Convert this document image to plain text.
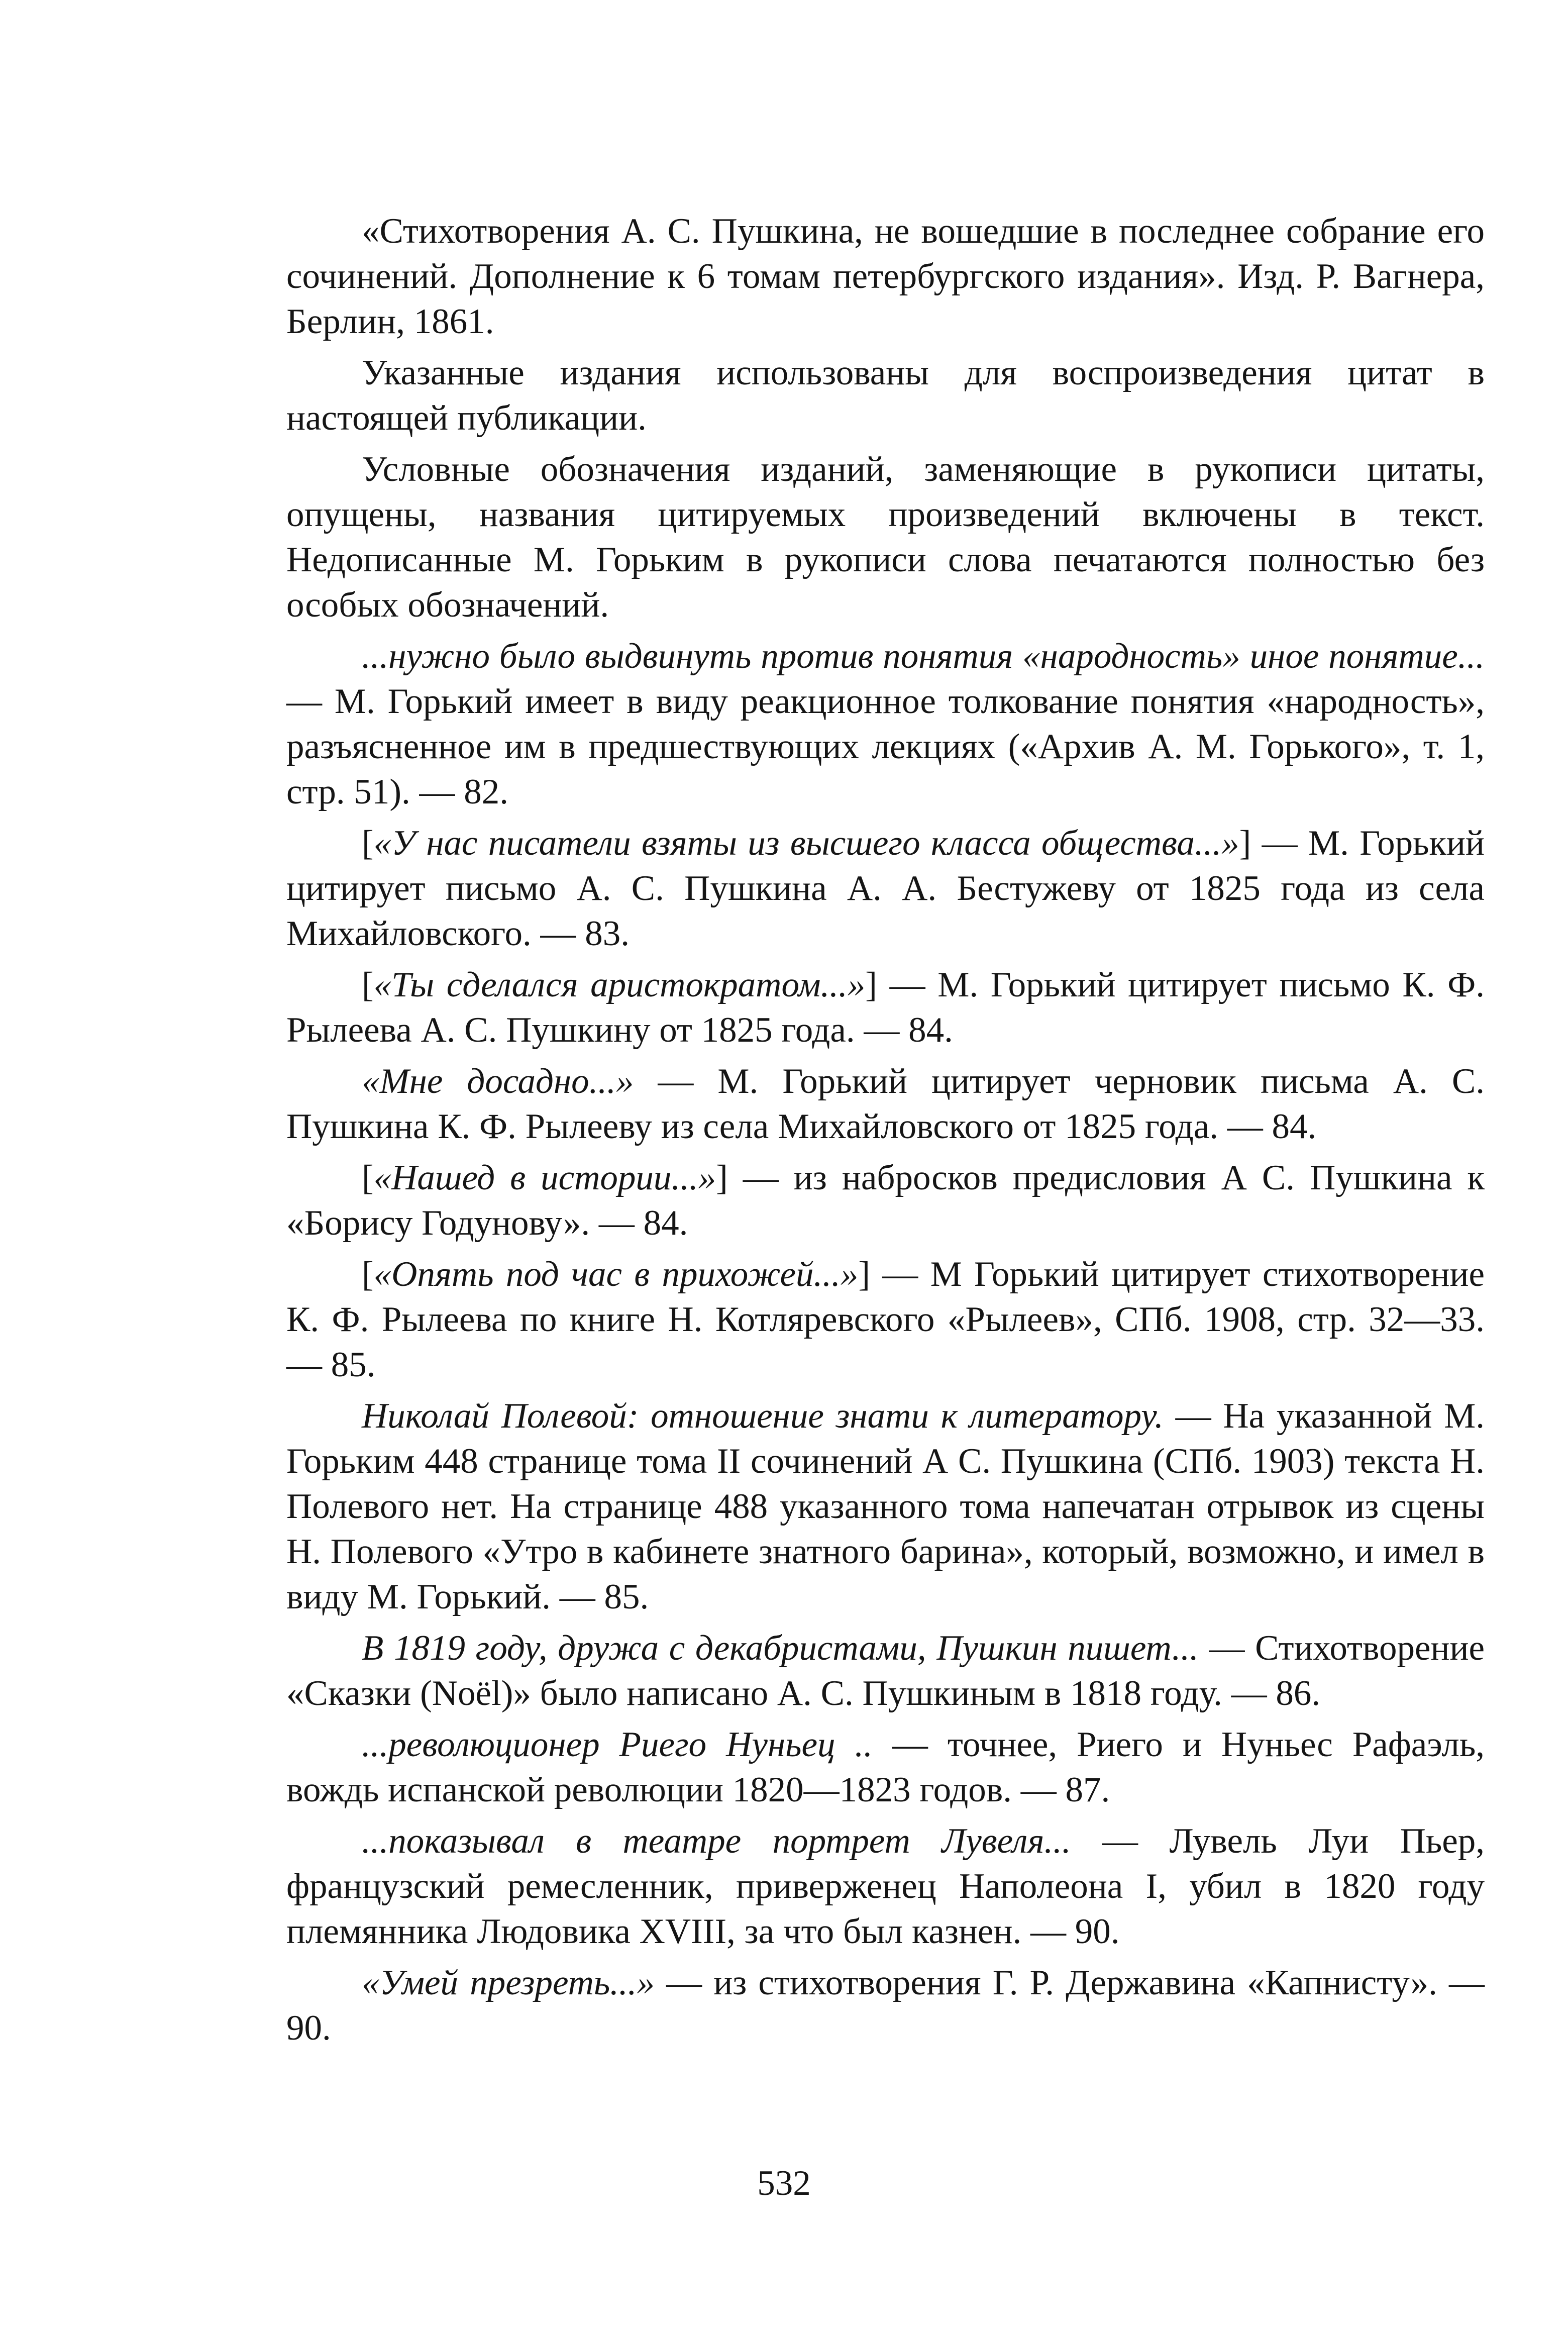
«Стихотворения А. С. Пушкина, не вошедшие в последнее собрание его сочинений. Дополнение к 6 томам петербургского издания». Изд. Р. Вагнера, Берлин, 1861.

Указанные издания использованы для воспроизведения цитат в настоящей публикации.

Условные обозначения изданий, заменяющие в рукописи цитаты, опущены, названия цитируемых произведений включены в текст. Недописанные М. Горьким в рукописи слова печатаются полностью без особых обозначений.

...нужно было выдвинуть против понятия «народность» иное понятие... — М. Горький имеет в виду реакционное толкование понятия «народность», разъясненное им в предшествующих лекциях («Архив А. М. Горького», т. 1, стр. 51). — 82.

[«У нас писатели взяты из высшего класса общества...»] — М. Горький цитирует письмо А. С. Пушкина А. А. Бестужеву от 1825 года из села Михайловского. — 83.

[«Ты сделался аристократом...»] — М. Горький цитирует письмо К. Ф. Рылеева А. С. Пушкину от 1825 года. — 84.

«Мне досадно...» — М. Горький цитирует черновик письма А. С. Пушкина К. Ф. Рылееву из села Михайловского от 1825 года. — 84.

[«Нашед в истории...»] — из набросков предисловия А С. Пушкина к «Борису Годунову». — 84.

[«Опять под час в прихожей...»] — М Горький цитирует стихотворение К. Ф. Рылеева по книге Н. Котляревского «Рылеев», СПб. 1908, стр. 32—33. — 85.

Николай Полевой: отношение знати к литератору. — На указанной М. Горьким 448 странице тома II сочинений А С. Пушкина (СПб. 1903) текста Н. Полевого нет. На странице 488 указанного тома напечатан отрывок из сцены Н. Полевого «Утро в кабинете знатного барина», который, возможно, и имел в виду М. Горький. — 85.

В 1819 году, дружа с декабристами, Пушкин пишет... — Стихотворение «Сказки (Noël)» было написано А. С. Пушкиным в 1818 году. — 86.

...революционер Риего Нуньец .. — точнее, Риего и Нуньес Рафаэль, вождь испанской революции 1820—1823 годов. — 87.

...показывал в театре портрет Лувеля... — Лувель Луи Пьер, французский ремесленник, приверженец Наполеона I, убил в 1820 году племянника Людовика XVIII, за что был казнен. — 90.

«Умей презреть...» — из стихотворения Г. Р. Державина «Капнисту». — 90.

532
